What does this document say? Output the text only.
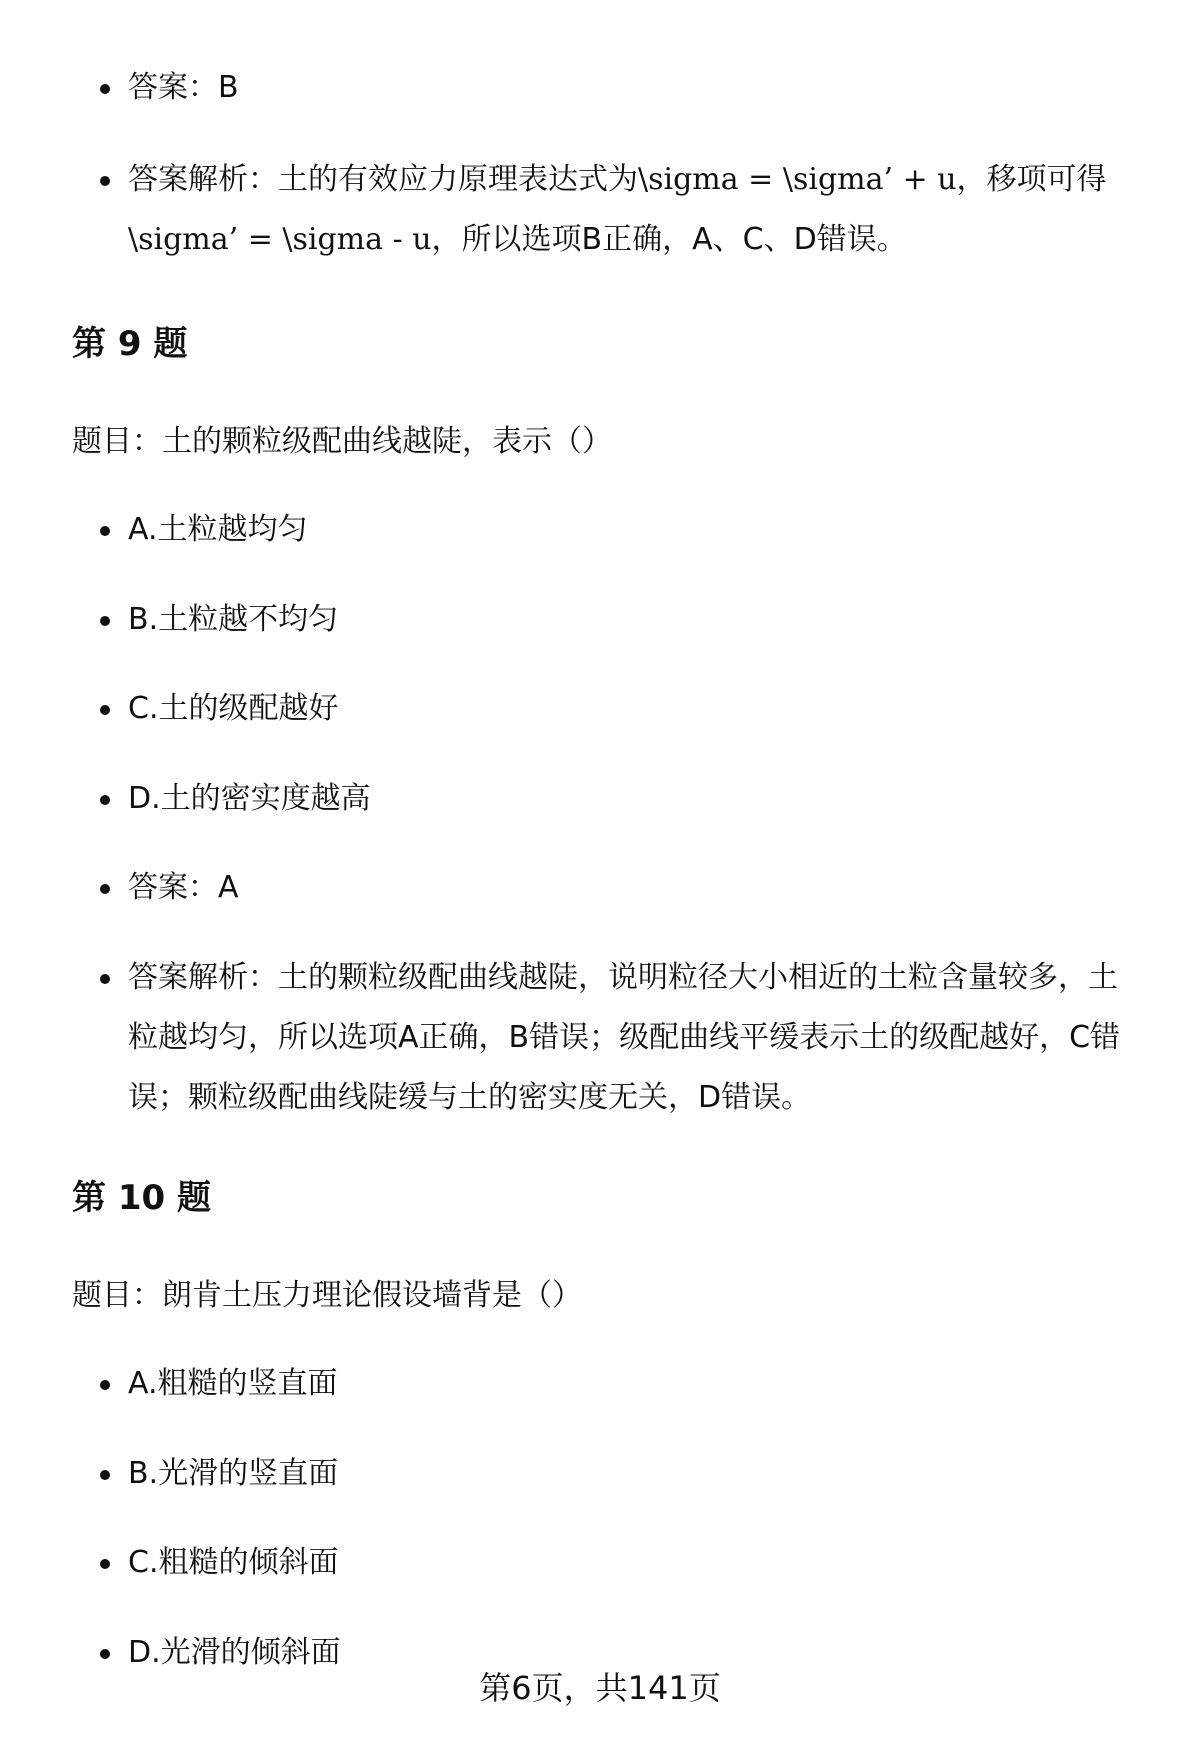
答案：B
答案解析：土的有效应力原理表达式为\sigma = \sigma’ + u，移项可得\sigma’ = \sigma - u，所以选项B正确，A、C、D错误。
第 9 题
题目：土的颗粒级配曲线越陡，表示（）
A.土粒越均匀
B.土粒越不均匀
C.土的级配越好
D.土的密实度越高
答案：A
答案解析：土的颗粒级配曲线越陡，说明粒径大小相近的土粒含量较多，土粒越均匀，所以选项A正确，B错误；级配曲线平缓表示土的级配越好，C错误；颗粒级配曲线陡缓与土的密实度无关，D错误。
第 10 题
题目：朗肯土压力理论假设墙背是（）
A.粗糙的竖直面
B.光滑的竖直面
C.粗糙的倾斜面
D.光滑的倾斜面
第6页，共141页
